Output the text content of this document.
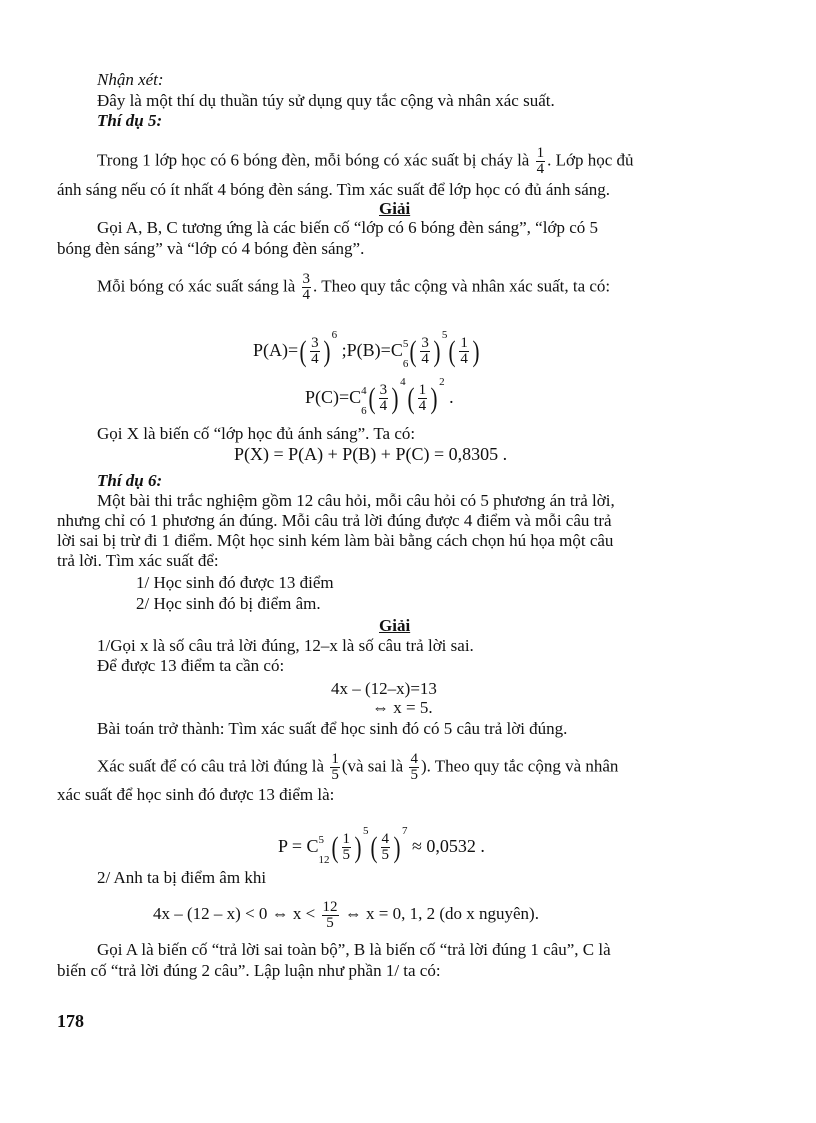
Nhận xét:
Đây là một thí dụ thuần túy sử dụng quy tắc cộng và nhân xác suất.
Thí dụ 5:
Trong 1 lớp học có 6 bóng đèn, mỗi bóng có xác suất bị cháy là $\frac{1}{4}$ . Lớp học đủ
ánh sáng nếu có ít nhất 4 bóng đèn sáng. Tìm xác suất để lớp học có đủ ánh sáng.
Giải
Gọi A, B, C tương ứng là các biến cố “lớp có 6 bóng đèn sáng”, “lớp có 5
bóng đèn sáng” và “lớp có 4 bóng đèn sáng”.
Mỗi bóng có xác suất sáng là $\frac{3}{4}$ . Theo quy tắc cộng và nhân xác suất, ta có:
$P(A)=( \frac{3}{4}$ ) $^6$ ;P(B)=C 5
$_6( \frac{3}{4}$ ) $^5( \frac{1}{4}$ )
P(C)=C 4
$_6( \frac{3}{4}$ ) $^4( \frac{1}{4}$ ) $^2$ .
Gọi X là biến cố “lớp học đủ ánh sáng”. Ta có:
P(X) = P(A) + P(B) + P(C) = 0,8305 .
Thí dụ 6:
Một bài thi trắc nghiệm gồm 12 câu hỏi, mỗi câu hỏi có 5 phương án trả lời,
nhưng chỉ có 1 phương án đúng. Mỗi câu trả lời đúng được 4 điểm và mỗi câu trả
lời sai bị trừ đi 1 điểm. Một học sinh kém làm bài bằng cách chọn hú họa một câu
trả lời. Tìm xác suất để:
1/ Học sinh đó được 13 điểm
2/ Học sinh đó bị điểm âm.
Giải
1/Gọi x là số câu trả lời đúng, 12–x là số câu trả lời sai.
Để được 13 điểm ta cần có:
4x – (12–x)=13
⇔ x = 5.
Bài toán trở thành: Tìm xác suất để học sinh đó có 5 câu trả lời đúng.
Xác suất để có câu trả lời đúng là $\frac{1}{5}$ (và sai là $\frac{4}{5}$ ). Theo quy tắc cộng và nhân
xác suất để học sinh đó được 13 điểm là:
P = C 5
$_{12}( \frac{1}{5}$ ) $^5( \frac{4}{5}$ ) $^7$ ≈ 0,0532 .
2/ Anh ta bị điểm âm khi
4x – (12 – x) < 0 ⇔ $x < \frac{12}{5}$ ⇔ x = 0, 1, 2 (do x nguyên).
Gọi A là biến cố “trả lời sai toàn bộ”, B là biến cố “trả lời đúng 1 câu”, C là
biến cố “trả lời đúng 2 câu”. Lập luận như phần 1/ ta có:
178
